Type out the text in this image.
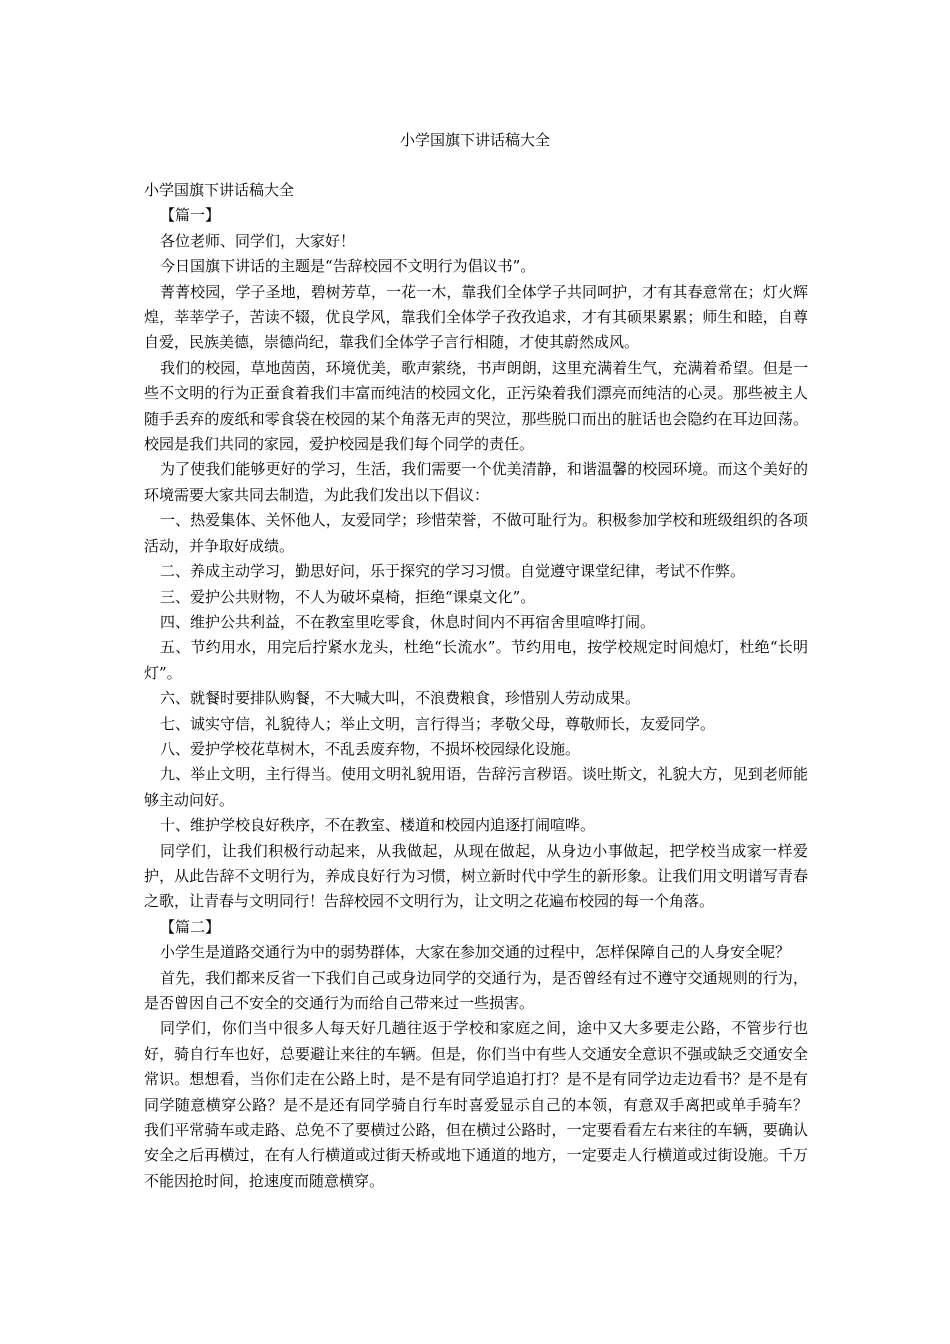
小学国旗下讲话稿大全

小学国旗下讲话稿大全

【篇一】

各位老师、同学们，大家好！

今日国旗下讲话的主题是“告辞校园不文明行为倡议书”。

菁菁校园，学子圣地，碧树芳草，一花一木，靠我们全体学子共同呵护，才有其春意常在；灯火辉煌，莘莘学子，苦读不辍，优良学风，靠我们全体学子孜孜追求，才有其硕果累累；师生和睦，自尊自爱，民族美德，崇德尚纪，靠我们全体学子言行相随，才使其蔚然成风。

我们的校园，草地茵茵，环境优美，歌声萦绕，书声朗朗，这里充满着生气，充满着希望。但是一些不文明的行为正蚕食着我们丰富而纯洁的校园文化，正污染着我们漂亮而纯洁的心灵。那些被主人随手丢弃的废纸和零食袋在校园的某个角落无声的哭泣，那些脱口而出的脏话也会隐约在耳边回荡。校园是我们共同的家园，爱护校园是我们每个同学的责任。

为了使我们能够更好的学习，生活，我们需要一个优美清静，和谐温馨的校园环境。而这个美好的环境需要大家共同去制造，为此我们发出以下倡议：

一、热爱集体、关怀他人，友爱同学；珍惜荣誉，不做可耻行为。积极参加学校和班级组织的各项活动，并争取好成绩。

二、养成主动学习，勤思好问，乐于探究的学习习惯。自觉遵守课堂纪律，考试不作弊。

三、爱护公共财物，不人为破坏桌椅，拒绝“课桌文化”。

四、维护公共利益，不在教室里吃零食，休息时间内不再宿舍里喧哗打闹。

五、节约用水，用完后拧紧水龙头，杜绝“长流水”。节约用电，按学校规定时间熄灯，杜绝“长明灯”。

六、就餐时要排队购餐，不大喊大叫，不浪费粮食，珍惜别人劳动成果。

七、诚实守信，礼貌待人；举止文明，言行得当；孝敬父母，尊敬师长，友爱同学。

八、爱护学校花草树木，不乱丢废弃物，不损坏校园绿化设施。

九、举止文明，主行得当。使用文明礼貌用语，告辞污言秽语。谈吐斯文，礼貌大方，见到老师能够主动问好。

十、维护学校良好秩序，不在教室、楼道和校园内追逐打闹喧哗。

同学们，让我们积极行动起来，从我做起，从现在做起，从身边小事做起，把学校当成家一样爱护，从此告辞不文明行为，养成良好行为习惯，树立新时代中学生的新形象。让我们用文明谱写青春之歌，让青春与文明同行！告辞校园不文明行为，让文明之花遍布校园的每一个角落。

【篇二】

小学生是道路交通行为中的弱势群体，大家在参加交通的过程中，怎样保障自己的人身安全呢？

首先，我们都来反省一下我们自己或身边同学的交通行为，是否曾经有过不遵守交通规则的行为，是否曾因自己不安全的交通行为而给自己带来过一些损害。

同学们，你们当中很多人每天好几趟往返于学校和家庭之间，途中又大多要走公路，不管步行也好，骑自行车也好，总要避让来往的车辆。但是，你们当中有些人交通安全意识不强或缺乏交通安全常识。想想看，当你们走在公路上时，是不是有同学追追打打？是不是有同学边走边看书？是不是有同学随意横穿公路？是不是还有同学骑自行车时喜爱显示自己的本领，有意双手离把或单手骑车？ 我们平常骑车或走路、总免不了要横过公路，但在横过公路时，一定要看看左右来往的车辆，要确认安全之后再横过，在有人行横道或过街天桥或地下通道的地方，一定要走人行横道或过街设施。千万不能因抢时间，抢速度而随意横穿。
